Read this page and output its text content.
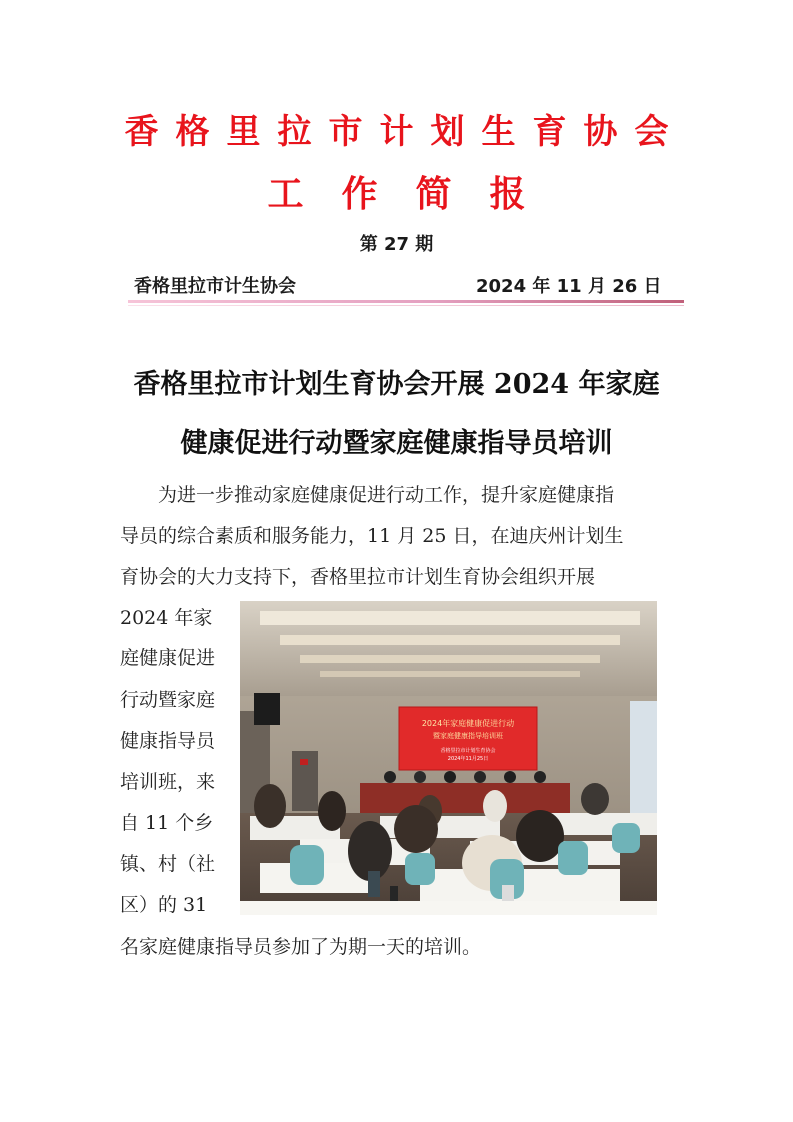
香格里拉市计划生育协会
工作简报
第 27 期
香格里拉市计生协会	2024 年 11 月 26 日
香格里拉市计划生育协会开展 2024 年家庭
健康促进行动暨家庭健康指导员培训
为进一步推动家庭健康促进行动工作，提升家庭健康指
导员的综合素质和服务能力，11 月 25 日，在迪庆州计划生
育协会的大力支持下，香格里拉市计划生育协会组织开展
2024 年家
庭健康促进
行动暨家庭
健康指导员
培训班，来
自 11 个乡
镇、村（社
区）的 31
名家庭健康指导员参加了为期一天的培训。
2024年家庭健康促进行动
暨家庭健康指导培训班
香格里拉市计划生育协会
2024年11月25日
